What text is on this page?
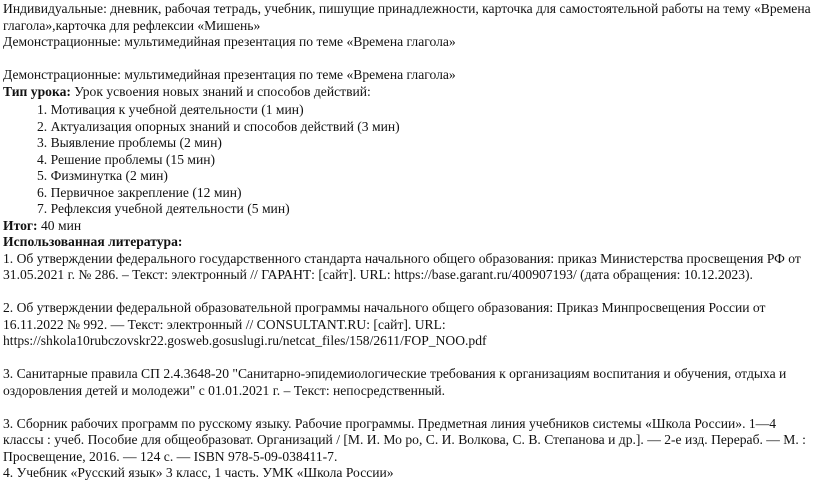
Индивидуальные: дневник, рабочая тетрадь, учебник, пишущие принадлежности, карточка для самостоятельной работы на тему «Времена глагола»,карточка для рефлексии «Мишень»

Демонстрационные: мультимедийная презентация по теме «Времена глагола»

Демонстрационные: мультимедийная презентация по теме «Времена глагола»

Тип урока: Урок усвоения новых знаний и способов действий:

1. Мотивация к учебной деятельности (1 мин)
2. Актуализация опорных знаний и способов действий (3 мин)
3. Выявление проблемы (2 мин)
4. Решение проблемы (15 мин)
5. Физминутка (2 мин)
6. Первичное закрепление (12 мин)
7. Рефлексия учебной деятельности (5 мин)

Итог: 40 мин

Использованная литература:

1. Об утверждении федерального государственного стандарта начального общего образования: приказ Министерства просвещения РФ от 31.05.2021 г. № 286. – Текст: электронный // ГАРАНТ: [сайт]. URL: https://base.garant.ru/400907193/ (дата обращения: 10.12.2023).

2. Об утверждении федеральной образовательной программы начального общего образования: Приказ Минпросвещения России от 16.11.2022 № 992. — Текст: электронный // CONSULTANT.RU: [сайт]. URL: https://shkola10rubczovskr22.gosweb.gosuslugi.ru/netcat_files/158/2611/FOP_NOO.pdf

3. Санитарные правила СП 2.4.3648-20 "Санитарно-эпидемиологические требования к организациям воспитания и обучения, отдыха и оздоровления детей и молодежи" с 01.01.2021 г. – Текст: непосредственный.

3. Сборник рабочих программ по русскому языку. Рабочие программы. Предметная линия учебников системы «Школа России». 1—4 классы : учеб. Пособие для общеобразоват. Организаций / [М. И. Мо ро, С. И. Волкова, С. В. Степанова и др.]. — 2-е изд. Перераб. — М. : Просвещение, 2016. — 124 с. — ISBN 978-5-09-038411-7.

4. Учебник «Русский язык» 3 класс, 1 часть. УМК «Школа России»
